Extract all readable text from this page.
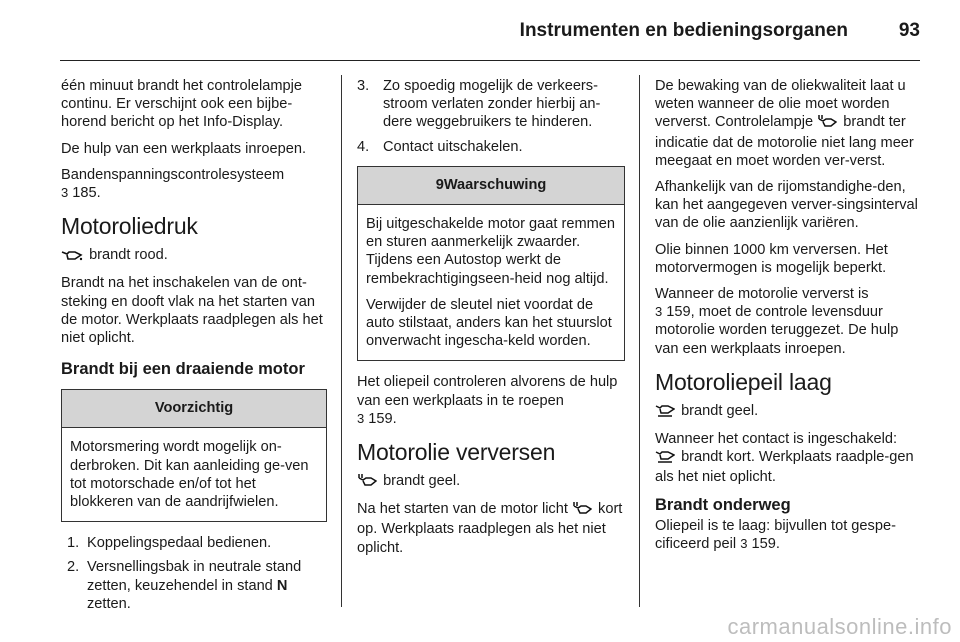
Instrumenten en bedieningsorganen	93

één minuut brandt het controlelampje continu. Er verschijnt ook een bijbe-horend bericht op het Info-Display.

De hulp van een werkplaats inroepen.

Bandenspanningscontrolesysteem
3 185.

Motoroliedruk

brandt rood.

Brandt na het inschakelen van de ont-steking en dooft vlak na het starten van de motor. Werkplaats raadplegen als het niet oplicht.

Brandt bij een draaiende motor
Voorzichtig

Motorsmering wordt mogelijk on-derbroken. Dit kan aanleiding ge-ven tot motorschade en/of tot het blokkeren van de aandrijfwielen.

1. Koppelingspedaal bedienen.
2. Versnellingsbak in neutrale stand zetten, keuzehendel in stand N zetten.
3. Zo spoedig mogelijk de verkeers-stroom verlaten zonder hierbij an-dere weggebruikers te hinderen.
4. Contact uitschakelen.
9Waarschuwing

Bij uitgeschakelde motor gaat remmen en sturen aanmerkelijk zwaarder. Tijdens een Autostop werkt de rembekrachtigingseen-heid nog altijd.

Verwijder de sleutel niet voordat de auto stilstaat, anders kan het stuurslot onverwacht ingescha-keld worden.

Het oliepeil controleren alvorens de hulp van een werkplaats in te roepen
3 159.

Motorolie verversen

brandt geel.

Na het starten van de motor licht kort op. Werkplaats raadplegen als het niet oplicht.

De bewaking van de oliekwaliteit laat u weten wanneer de olie moet worden ververst. Controlelampje brandt ter indicatie dat de motorolie niet lang meer meegaat en moet worden ver-verst.

Afhankelijk van de rijomstandighe-den, kan het aangegeven verver-singsinterval van de olie aanzienlijk variëren.

Olie binnen 1000 km verversen. Het motorvermogen is mogelijk beperkt.

Wanneer de motorolie ververst is
3 159, moet de controle levensduur motorolie worden teruggezet. De hulp van een werkplaats inroepen.

Motoroliepeil laag

brandt geel.

Wanneer het contact is ingeschakeld:  brandt kort. Werkplaats raadple-gen als het niet oplicht.

Brandt onderweg

Oliepeil is te laag: bijvullen tot gespe-cificeerd peil 3 159.

carmanualsonline.info
